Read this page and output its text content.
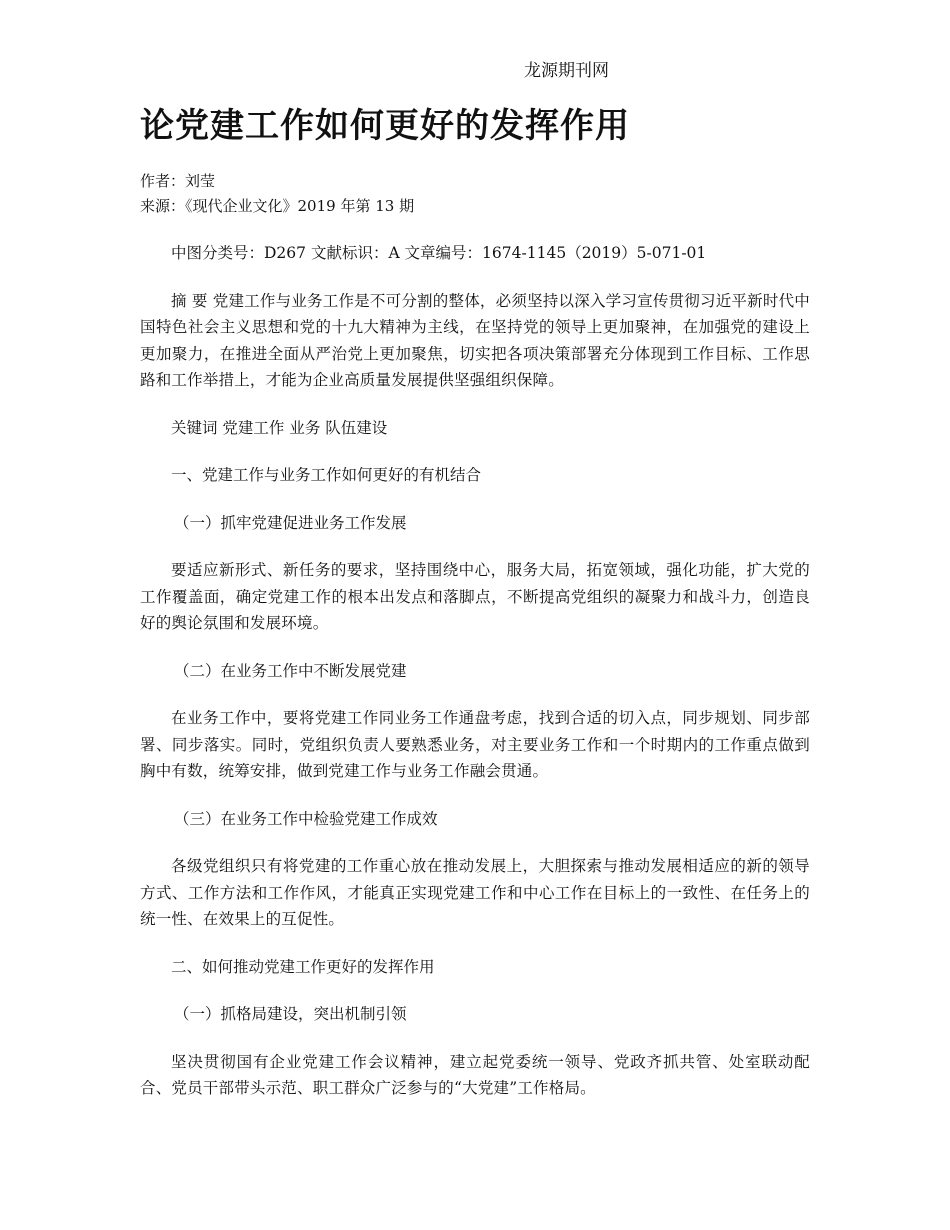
龙源期刊网
论党建工作如何更好的发挥作用
作者：刘莹
来源：《现代企业文化》2019 年第 13 期

中图分类号：D267 文献标识：A 文章编号：1674-1145（2019）5-071-01

摘 要 党建工作与业务工作是不可分割的整体，必须坚持以深入学习宣传贯彻习近平新时代中国特色社会主义思想和党的十九大精神为主线，在坚持党的领导上更加聚神，在加强党的建设上更加聚力，在推进全面从严治党上更加聚焦，切实把各项决策部署充分体现到工作目标、工作思路和工作举措上，才能为企业高质量发展提供坚强组织保障。

关键词 党建工作 业务 队伍建设

一、党建工作与业务工作如何更好的有机结合

（一）抓牢党建促进业务工作发展

要适应新形式、新任务的要求，坚持围绕中心，服务大局，拓宽领域，强化功能，扩大党的工作覆盖面，确定党建工作的根本出发点和落脚点，不断提高党组织的凝聚力和战斗力，创造良好的舆论氛围和发展环境。

（二）在业务工作中不断发展党建

在业务工作中，要将党建工作同业务工作通盘考虑，找到合适的切入点，同步规划、同步部署、同步落实。同时，党组织负责人要熟悉业务，对主要业务工作和一个时期内的工作重点做到胸中有数，统筹安排，做到党建工作与业务工作融会贯通。

（三）在业务工作中检验党建工作成效

各级党组织只有将党建的工作重心放在推动发展上，大胆探索与推动发展相适应的新的领导方式、工作方法和工作作风，才能真正实现党建工作和中心工作在目标上的一致性、在任务上的统一性、在效果上的互促性。

二、如何推动党建工作更好的发挥作用

（一）抓格局建设，突出机制引领

坚决贯彻国有企业党建工作会议精神，建立起党委统一领导、党政齐抓共管、处室联动配合、党员干部带头示范、职工群众广泛参与的“大党建”工作格局。
